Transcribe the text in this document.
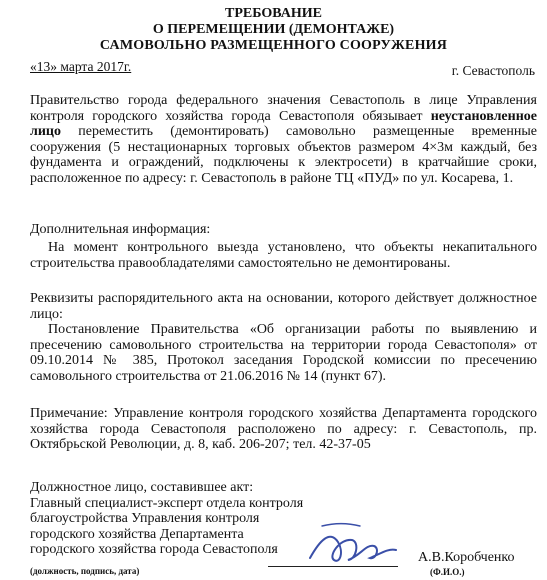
ТРЕБОВАНИЕ
О ПЕРЕМЕЩЕНИИ (ДЕМОНТАЖЕ)
САМОВОЛЬНО РАЗМЕЩЕННОГО СООРУЖЕНИЯ
«13» марта 2017г.	г. Севастополь
Правительство города федерального значения Севастополь в лице Управления контроля городского хозяйства города Севастополя обязывает неустановленное лицо переместить (демонтировать) самовольно размещенные временные сооружения (5 нестационарных торговых объектов размером 4×3м каждый, без фундамента и ограждений, подключены к электросети) в кратчайшие сроки, расположенное по адресу: г. Севастополь в районе ТЦ «ПУД» по ул. Косарева, 1.
Дополнительная информация:
На момент контрольного выезда установлено, что объекты некапитального строительства правообладателями самостоятельно не демонтированы.
Реквизиты распорядительного акта на основании, которого действует должностное лицо:
Постановление Правительства «Об организации работы по выявлению и пресечению самовольного строительства на территории города Севастополя» от 09.10.2014 № 385, Протокол заседания Городской комиссии по пресечению самовольного строительства от 21.06.2016 № 14 (пункт 67).
Примечание: Управление контроля городского хозяйства Департамента городского хозяйства города Севастополя расположено по адресу: г. Севастополь, пр. Октябрьской Революции, д. 8, каб. 206-207; тел. 42-37-05
Должностное лицо, составившее акт:
Главный специалист-эксперт отдела контроля
благоустройства Управления контроля
городского хозяйства Департамента
городского хозяйства города Севастополя
(должность, подпись, дата)
А.В.Коробченко
(Ф.И.О.)
